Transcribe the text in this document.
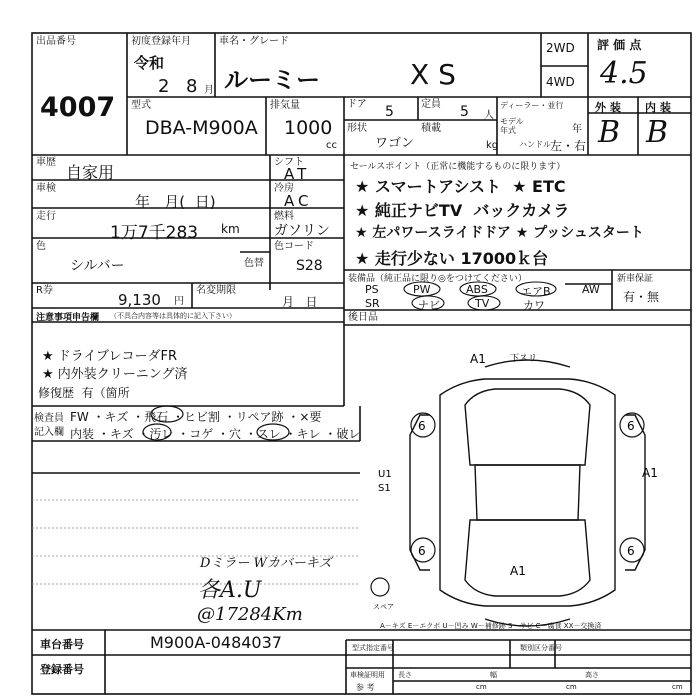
6	6
6	6
A1	下スリ
A1
U1
S1
A1
スペア
出品番号
4007
初度登録年月
令和
2 8 月
車名・グレード
ルーミー	X S
2WD
4WD
評 価 点
4.5
型式
DBA-M900A
排気量
1000
cc
ドア 5	定員 5 人
形状
ワゴン
積載
kg
ディーラー・並行
モデル 年式	年
ハンドル 左・右
外 装 内 装
B B
車歴
自家用
車検
年   月(  日)
走行
1万7千283 km
色
シルバー	色替
R券
9,130 円
名変期限
月   日
シフト
AT
冷房
AC
燃料
ガソリン
色コード
S28
セールスポイント（正常に機能するものに限ります）
★ スマートアシスト  ★ ETC
★ 純正ナビTV  バックカメラ
★ 左パワースライドドア ★ プッシュスタート
★ 走行少ない 17000ｋ台
装備品（純正品に限り◎をつけてください）	新車保証
有・無
PS	PW	ABS	エアB	AW
SR	ナビ	TV	カワ
後日品
注意事項申告欄 （不具合内容等は具体的に記入下さい）
★ ドライブレコーダFR
★ 内外装クリーニング済
修復歴  有（箇所
検査員
記入欄
FW ・キズ ・飛石 ・ヒビ割 ・リペア跡 ・×要
内装 ・キズ ・汚レ ・コゲ ・穴 ・スレ ・キレ ・破レ
Dミラー Wカバーキズ
各A.U
@17284Km
車台番号	M900A-0484037
登録番号
A－キズ E－エクボ U－凹み W－補修跡 S－サビ C－腐食 XX－交換済
型式指定番号	類別区分番号
車検証明用
参 考
長さ	幅	高さ
cm	cm	cm
